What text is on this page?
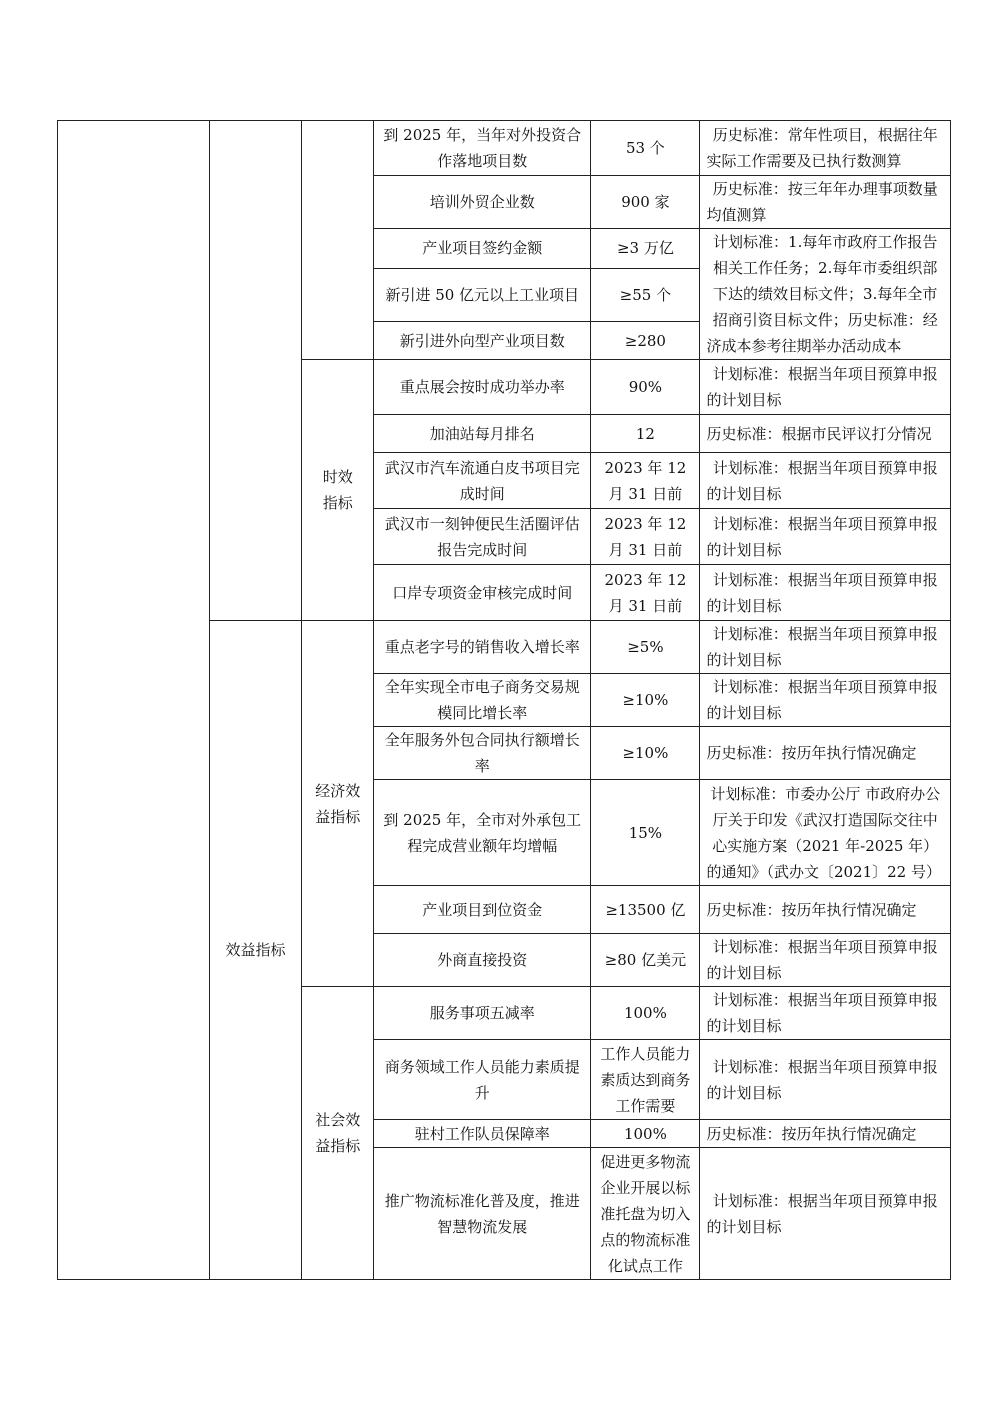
			到 2025 年，当年对外投资合作落地项目数	53 个	历史标准：常年性项目，根据往年实际工作需要及已执行数测算
			培训外贸企业数	900 家	历史标准：按三年年办理事项数量均值测算
			产业项目签约金额	≥3 万亿	计划标准：1.每年市政府工作报告相关工作任务；2.每年市委组织部下达的绩效目标文件；3.每年全市招商引资目标文件；历史标准：经济成本参考往期举办活动成本
			新引进 50 亿元以上工业项目	≥55 个	
			新引进外向型产业项目数	≥280	
		时效指标	重点展会按时成功举办率	90%	计划标准：根据当年项目预算申报的计划目标
			加油站每月排名	12	历史标准：根据市民评议打分情况
			武汉市汽车流通白皮书项目完成时间	2023 年 12 月 31 日前	计划标准：根据当年项目预算申报的计划目标
			武汉市一刻钟便民生活圈评估报告完成时间	2023 年 12 月 31 日前	计划标准：根据当年项目预算申报的计划目标
			口岸专项资金审核完成时间	2023 年 12 月 31 日前	计划标准：根据当年项目预算申报的计划目标
	效益指标	经济效益指标	重点老字号的销售收入增长率	≥5%	计划标准：根据当年项目预算申报的计划目标
			全年实现全市电子商务交易规模同比增长率	≥10%	计划标准：根据当年项目预算申报的计划目标
			全年服务外包合同执行额增长率	≥10%	历史标准：按历年执行情况确定
			到 2025 年，全市对外承包工程完成营业额年均增幅	15%	计划标准：市委办公厅 市政府办公厅关于印发《武汉打造国际交往中心实施方案（2021 年-2025 年）的通知》（武办文〔2021〕22 号）
			产业项目到位资金	≥13500 亿	历史标准：按历年执行情况确定
			外商直接投资	≥80 亿美元	计划标准：根据当年项目预算申报的计划目标
		社会效益指标	服务事项五减率	100%	计划标准：根据当年项目预算申报的计划目标
			商务领域工作人员能力素质提升	工作人员能力素质达到商务工作需要	计划标准：根据当年项目预算申报的计划目标
			驻村工作队员保障率	100%	历史标准：按历年执行情况确定
			推广物流标准化普及度，推进智慧物流发展	促进更多物流企业开展以标准托盘为切入点的物流标准化试点工作	计划标准：根据当年项目预算申报的计划目标
